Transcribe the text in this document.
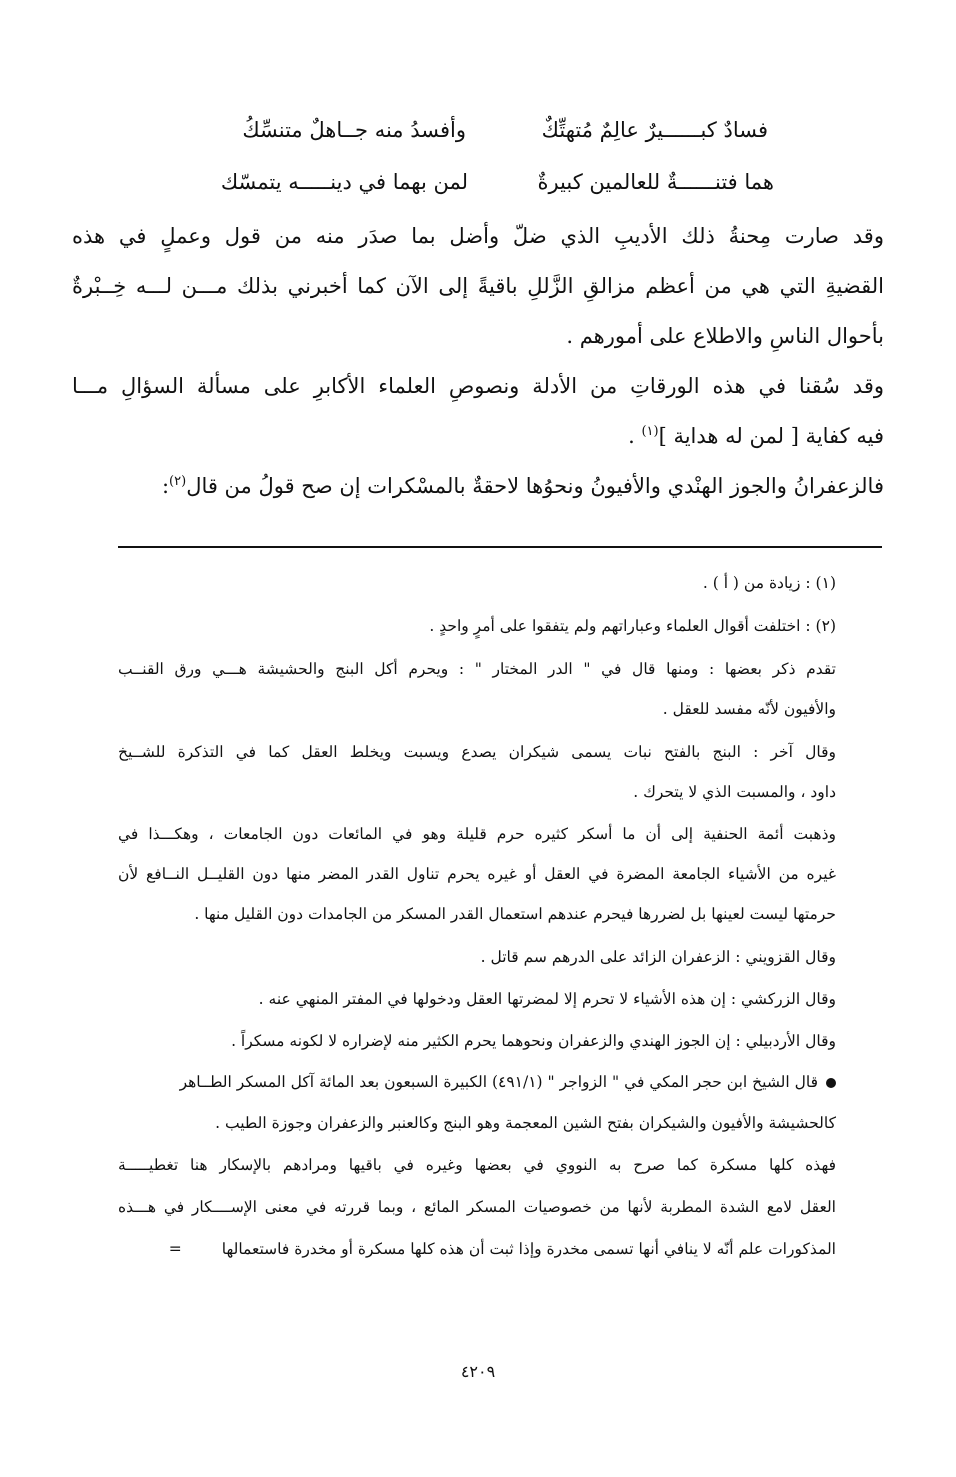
فسادٌ كبــــــيرٌ عالِمٌ مُتهتِّكٌ
وأفسدُ منه جــاهلٌ متنسِّكُ
هما فتنــــــةٌ للعالمين كبيرةٌ
لمن بهما في دينـــــه يتمسّك
وقد صارت مِحنةُ ذلك الأديبِ الذي ضلّ وأضل بما صدَر منه من قول وعملٍ في هذه
القضيةِ التي هي من أعظم مزالقِ الزَّللِ باقيةً إلى الآن كما أخبرني بذلك مـــن لـــه خِــبْرةٌ
بأحوال الناسِ والاطلاع على أمورهم .
وقد سُقنا في هذه الورقاتِ من الأدلة ونصوصِ العلماء الأكابرِ على مسألة السؤالِ مـــا
فيه كفاية [ لمن له هداية ]$^{(١)}$ .
فالزعفرانُ والجوز الهنْدي والأفيونُ ونحوُها لاحقةٌ بالمسْكرات إن صح قولُ من قال$^{(٢)}$:
(١) : زيادة من ( أ ) .
(٢) : اختلفت أقوال العلماء وعباراتهم ولم يتفقوا على أمرٍ واحدٍ .
تقدم ذكر بعضها : ومنها قال في " الدر المختار " : ويحرم أكل البنج والحشيشة هـــي ورق القنــب
والأفيون لأنّه مفسد للعقل .
وقال آخر : البنج بالفتح نبات يسمى شيكران يصدع ويسبت ويخلط العقل كما في التذكرة للشــيخ
داود ، والمسبت الذي لا يتحرك .
وذهبت أئمة الحنفية إلى أن ما أسكر كثيره حرم قليلة وهو في المائعات دون الجامعات ، وهكـــذا في
غيره من الأشياء الجامعة المضرة في العقل أو غيره يحرم تناول القدر المضر منها دون القليــل النــافع لأن
حرمتها ليست لعينها بل لضررها فيحرم عندهم استعمال القدر المسكر من الجامدات دون القليل منها .
وقال القزويني : الزعفران الزائد على الدرهم سم قاتل .
وقال الزركشي : إن هذه الأشياء لا تحرم إلا لمضرتها العقل ودخولها في المفتر المنهي عنه .
وقال الأردبيلي : إن الجوز الهندي والزعفران ونحوهما يحرم الكثير منه لإضراره لا لكونه مسكراً .
قال الشيخ ابن حجر المكي في " الزواجر " (٤٩١/١) الكبيرة السبعون بعد المائة آكل المسكر الطــاهر
كالحشيشة والأفيون والشيكران بفتح الشين المعجمة وهو البنج وكالعنبر والزعفران وجوزة الطيب .
فهذه كلها مسكرة كما صرح به النووي في بعضها وغيره في باقيها ومرادهم بالإسكار هنا تغطيـــــة
العقل لامع الشدة المطربة لأنها من خصوصيات المسكر المائع ، وبما قررته في معنى الإســــكار في هـــذه
المذكورات علم أنّه لا ينافي أنها تسمى مخدرة وإذا ثبت أن هذه كلها مسكرة أو مخدرة فاستعمالها=
٤٢٠٩
